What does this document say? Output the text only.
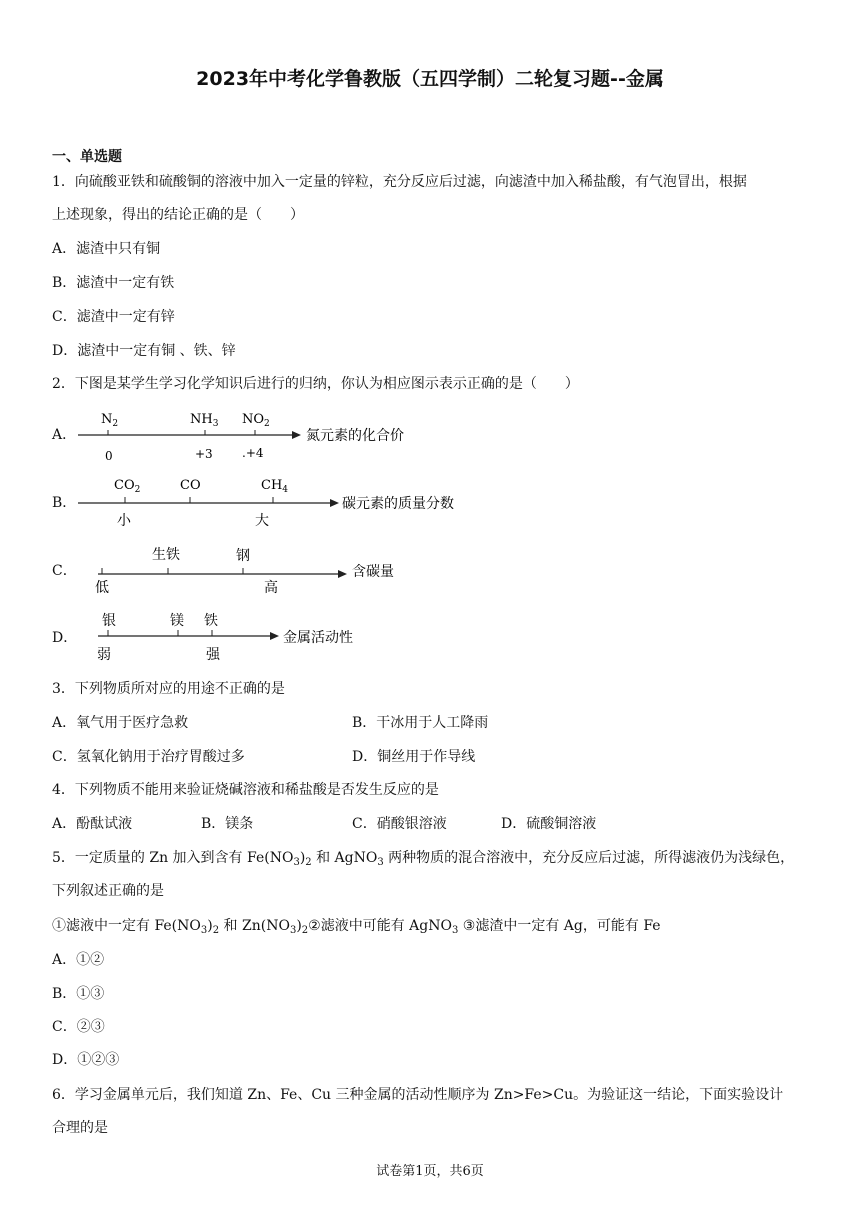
2023年中考化学鲁教版（五四学制）二轮复习题--金属
一、单选题
1．向硫酸亚铁和硫酸铜的溶液中加入一定量的锌粒，充分反应后过滤，向滤渣中加入稀盐酸，有气泡冒出，根据
上述现象，得出的结论正确的是（　　）
A．滤渣中只有铜
B．滤渣中一定有铁
C．滤渣中一定有锌
D．滤渣中一定有铜 、铁、锌
2．下图是某学生学习化学知识后进行的归纳，你认为相应图示表示正确的是（　　）
A．
$N_2$	$NH_3$ $NO_2$
0	+3 .+4
氮元素的化合价
B．
$CO_2$	CO	$CH_4$
小	大
碳元素的质量分数
C．
生铁	钢
低	高
含碳量
D．
银	镁 铁
弱	强
金属活动性
3．下列物质所对应的用途不正确的是
A．氧气用于医疗急救	B．干冰用于人工降雨
C．氢氧化钠用于治疗胃酸过多	D．铜丝用于作导线
4．下列物质不能用来验证烧碱溶液和稀盐酸是否发生反应的是
A．酚酞试液	B．镁条	C．硝酸银溶液	D．硫酸铜溶液
5．一定质量的 Zn 加入到含有 $Fe(NO_3)_2$ 和 AgNO$_3$ 两种物质的混合溶液中，充分反应后过滤，所得滤液仍为浅绿色，
下列叙述正确的是
①滤液中一定有 $Fe(NO_3)_2$ 和 $Zn(NO_3)_2②$滤液中可能有 AgNO$_3$ ③滤渣中一定有 Ag，可能有 Fe
A．①②
B．①③
C．②③
D．①②③
6．学习金属单元后，我们知道 Zn、Fe、Cu 三种金属的活动性顺序为 Zn>Fe>Cu。为验证这一结论，下面实验设计
合理的是
试卷第1页，共6页
